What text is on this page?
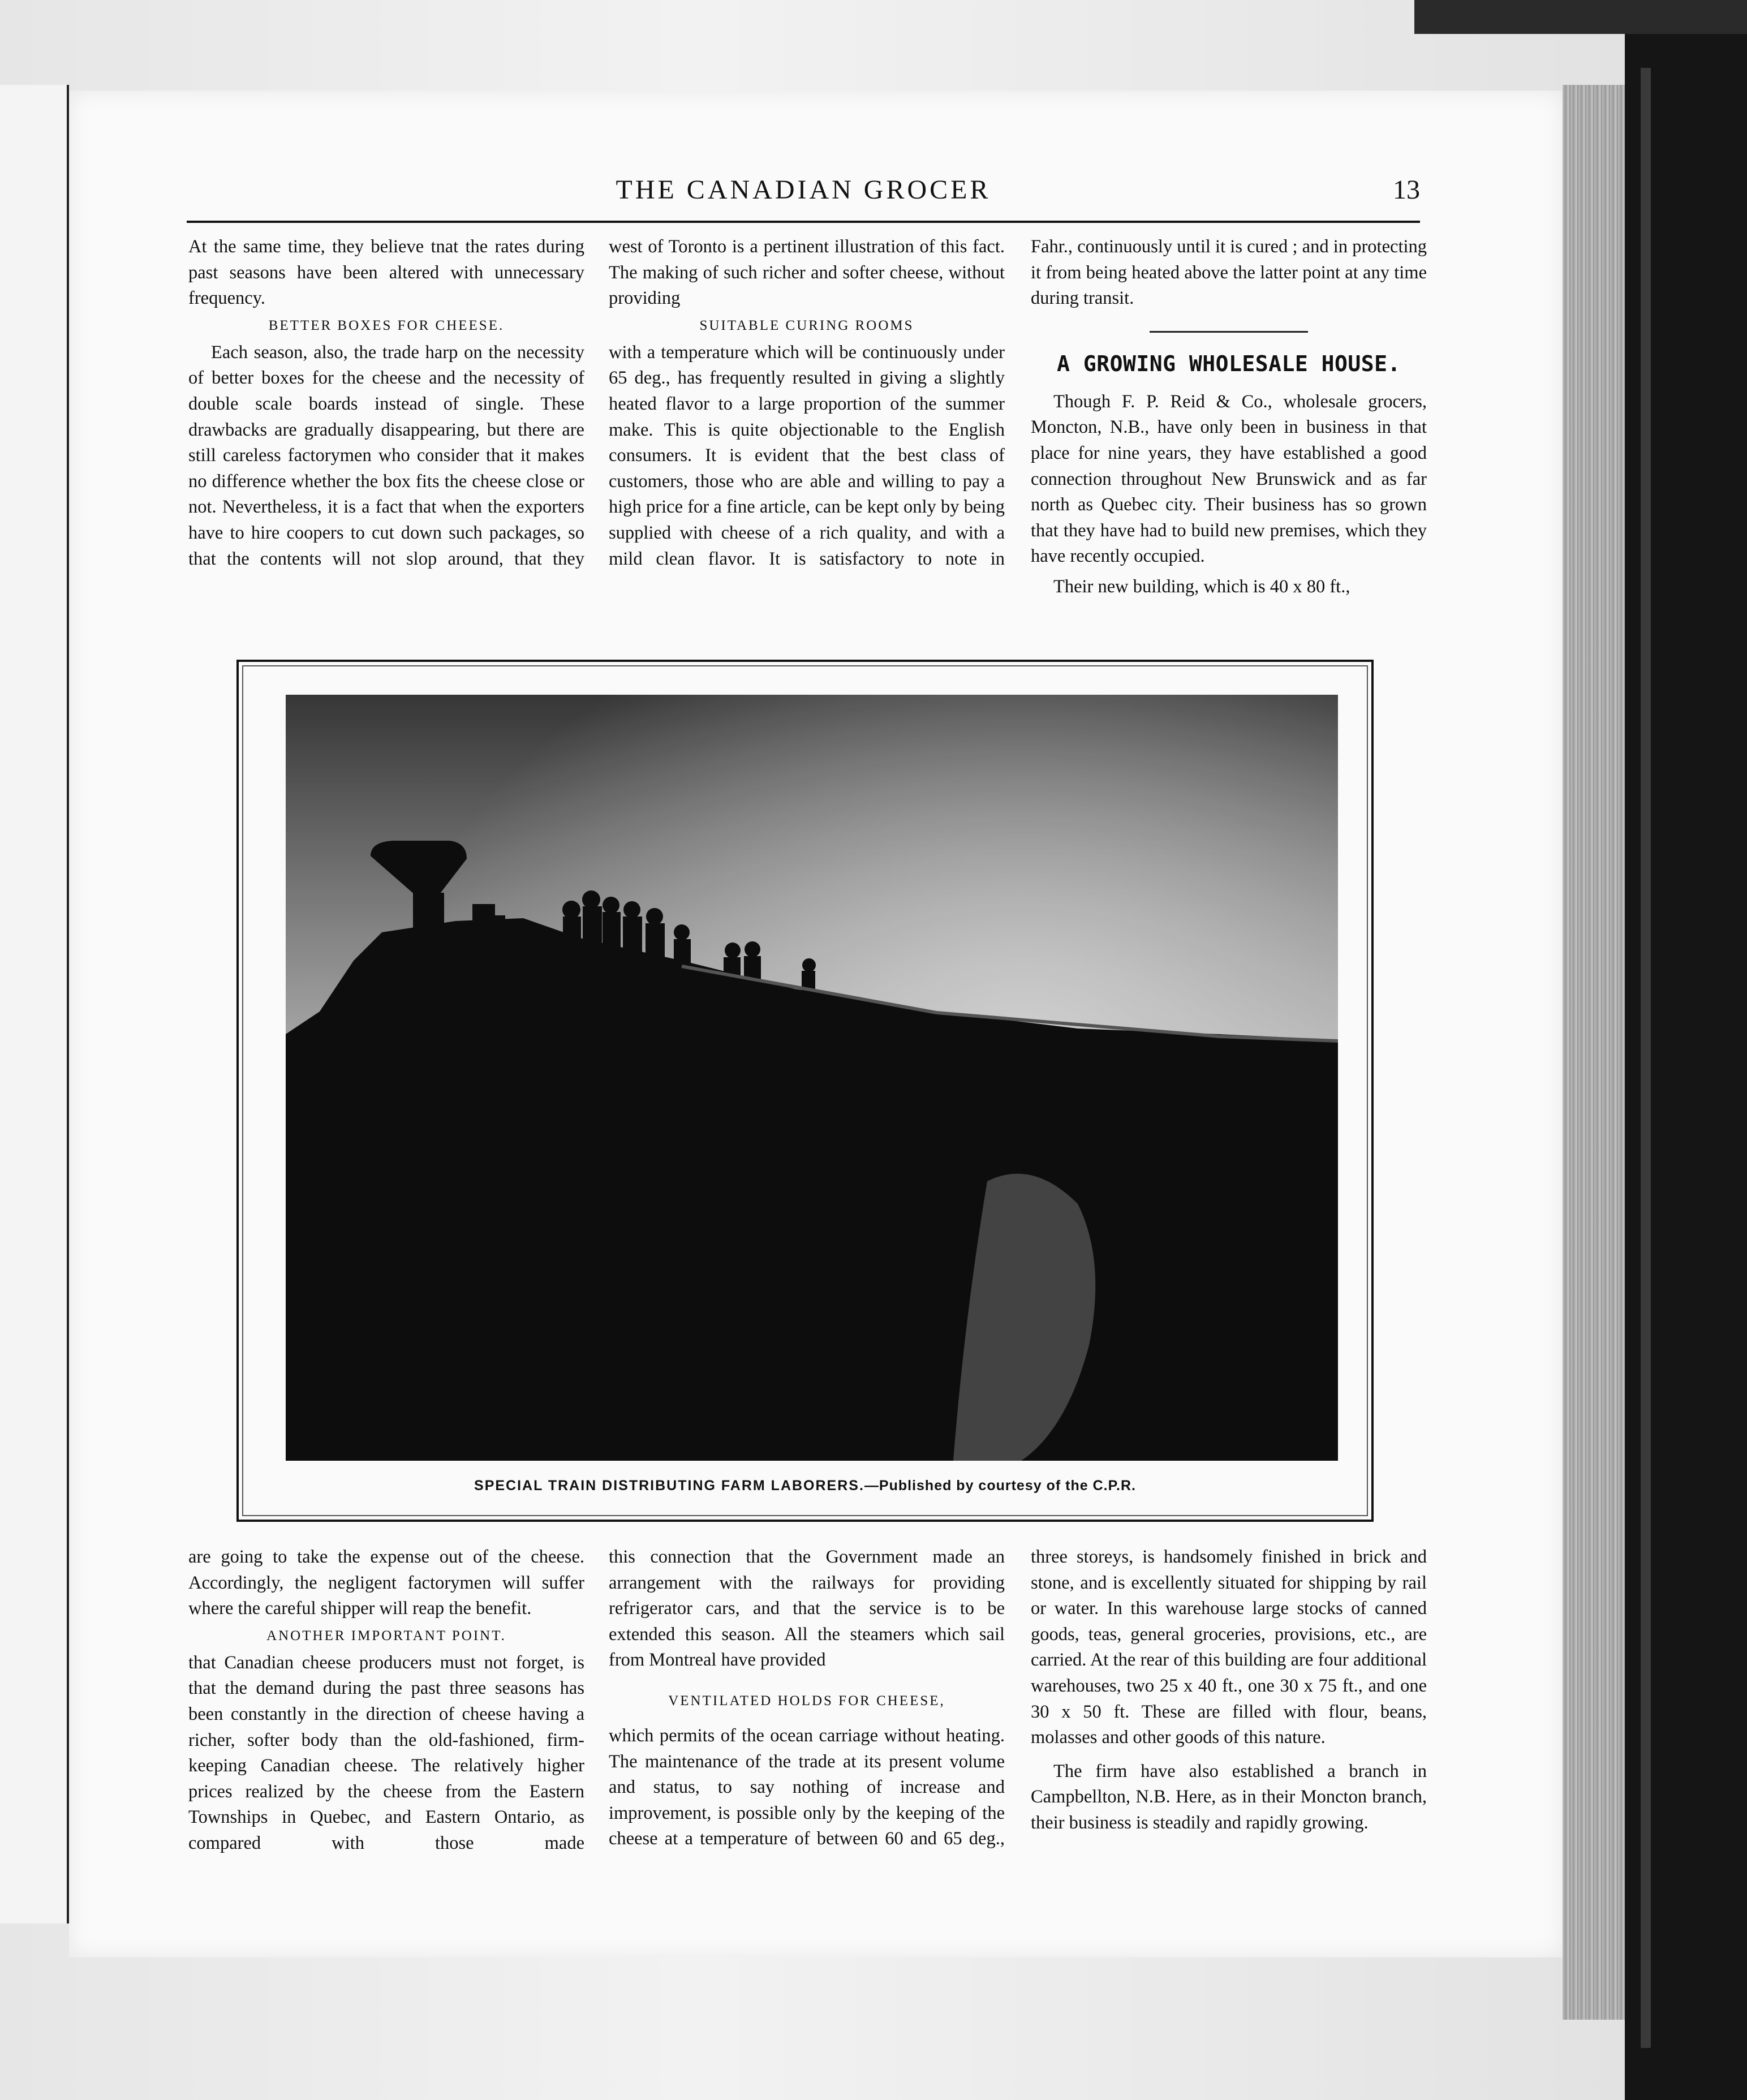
THE CANADIAN GROCER	13

At the same time, they believe tnat the rates during past seasons have been altered with unnecessary frequency.

BETTER BOXES FOR CHEESE.

Each season, also, the trade harp on the necessity of better boxes for the cheese and the necessity of double scale boards instead of single. These drawbacks are gradually disappearing, but there are still careless factorymen who consider that it makes no difference whether the box fits the cheese close or not. Nevertheless, it is a fact that when the exporters have to hire coopers to cut down such packages, so that the contents will not slop around, that they

west of Toronto is a pertinent illustration of this fact. The making of such richer and softer cheese, without providing

SUITABLE CURING ROOMS

with a temperature which will be continuously under 65 deg., has frequently resulted in giving a slightly heated flavor to a large proportion of the summer make. This is quite objectionable to the English consumers. It is evident that the best class of customers, those who are able and willing to pay a high price for a fine article, can be kept only by being supplied with cheese of a rich quality, and with a mild clean flavor. It is satisfactory to note in

Fahr., continuously until it is cured ; and in protecting it from being heated above the latter point at any time during transit.

A GROWING WHOLESALE HOUSE.

Though F. P. Reid & Co., wholesale grocers, Moncton, N.B., have only been in business in that place for nine years, they have established a good connection throughout New Brunswick and as far north as Quebec city. Their business has so grown that they have had to build new premises, which they have recently occupied.

Their new building, which is 40 x 80 ft.,

SPECIAL TRAIN DISTRIBUTING FARM LABORERS.—Published by courtesy of the C.P.R.

are going to take the expense out of the cheese. Accordingly, the negligent factorymen will suffer where the careful shipper will reap the benefit.

ANOTHER IMPORTANT POINT.

that Canadian cheese producers must not forget, is that the demand during the past three seasons has been constantly in the direction of cheese having a richer, softer body than the old-fashioned, firm-keeping Canadian cheese. The relatively higher prices realized by the cheese from the Eastern Townships in Quebec, and Eastern Ontario, as compared with those made

this connection that the Government made an arrangement with the railways for providing refrigerator cars, and that the service is to be extended this season. All the steamers which sail from Montreal have provided

VENTILATED HOLDS FOR CHEESE,

which permits of the ocean carriage without heating. The maintenance of the trade at its present volume and status, to say nothing of increase and improvement, is possible only by the keeping of the cheese at a temperature of between 60 and 65 deg.,

three storeys, is handsomely finished in brick and stone, and is excellently situated for shipping by rail or water. In this warehouse large stocks of canned goods, teas, general groceries, provisions, etc., are carried. At the rear of this building are four additional warehouses, two 25 x 40 ft., one 30 x 75 ft., and one 30 x 50 ft. These are filled with flour, beans, molasses and other goods of this nature.

The firm have also established a branch in Campbellton, N.B. Here, as in their Moncton branch, their business is steadily and rapidly growing.
